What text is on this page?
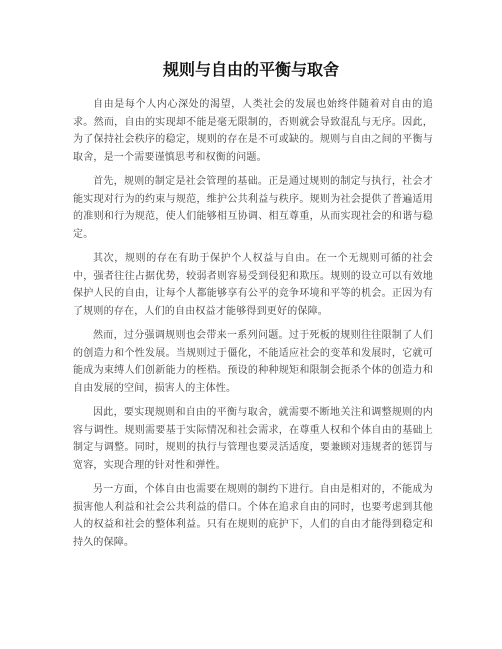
规则与自由的平衡与取舍

自由是每个人内心深处的渴望，人类社会的发展也始终伴随着对自由的追求。然而，自由的实现却不能是毫无限制的，否则就会导致混乱与无序。因此，为了保持社会秩序的稳定，规则的存在是不可或缺的。规则与自由之间的平衡与取舍，是一个需要谨慎思考和权衡的问题。

首先，规则的制定是社会管理的基础。正是通过规则的制定与执行，社会才能实现对行为的约束与规范，维护公共利益与秩序。规则为社会提供了普遍适用的准则和行为规范，使人们能够相互协调、相互尊重，从而实现社会的和谐与稳定。

其次，规则的存在有助于保护个人权益与自由。在一个无规则可循的社会中，强者往往占据优势，较弱者则容易受到侵犯和欺压。规则的设立可以有效地保护人民的自由，让每个人都能够享有公平的竞争环境和平等的机会。正因为有了规则的存在，人们的自由权益才能够得到更好的保障。

然而，过分强调规则也会带来一系列问题。过于死板的规则往往限制了人们的创造力和个性发展。当规则过于僵化，不能适应社会的变革和发展时，它就可能成为束缚人们创新能力的桎梏。预设的种种规矩和限制会扼杀个体的创造力和自由发展的空间，损害人的主体性。

因此，要实现规则和自由的平衡与取舍，就需要不断地关注和调整规则的内容与调性。规则需要基于实际情况和社会需求，在尊重人权和个体自由的基础上制定与调整。同时，规则的执行与管理也要灵活适度，要兼顾对违规者的惩罚与宽容，实现合理的针对性和弹性。

另一方面，个体自由也需要在规则的制约下进行。自由是相对的，不能成为损害他人利益和社会公共利益的借口。个体在追求自由的同时，也要考虑到其他人的权益和社会的整体利益。只有在规则的庇护下，人们的自由才能得到稳定和持久的保障。
